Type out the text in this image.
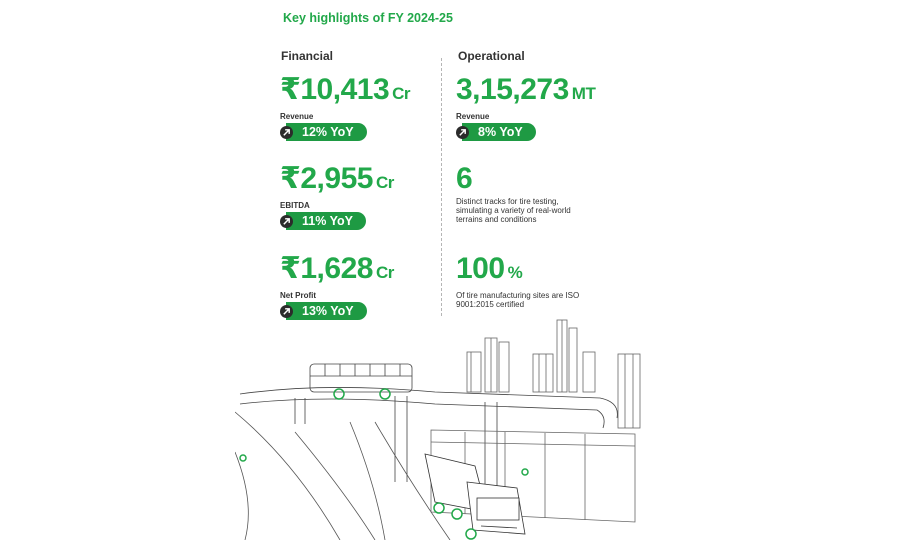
Key highlights of FY 2024-25
Financial	Operational
₹10,413 Cr
Revenue
12% YoY
₹2,955 Cr
EBITDA
11% YoY
₹1,628 Cr
Net Profit
13% YoY
3,15,273 MT
Revenue
8% YoY
6
Distinct tracks for tire testing, simulating a variety of real-world terrains and conditions
100 %
Of tire manufacturing sites are ISO 9001:2015 certified
